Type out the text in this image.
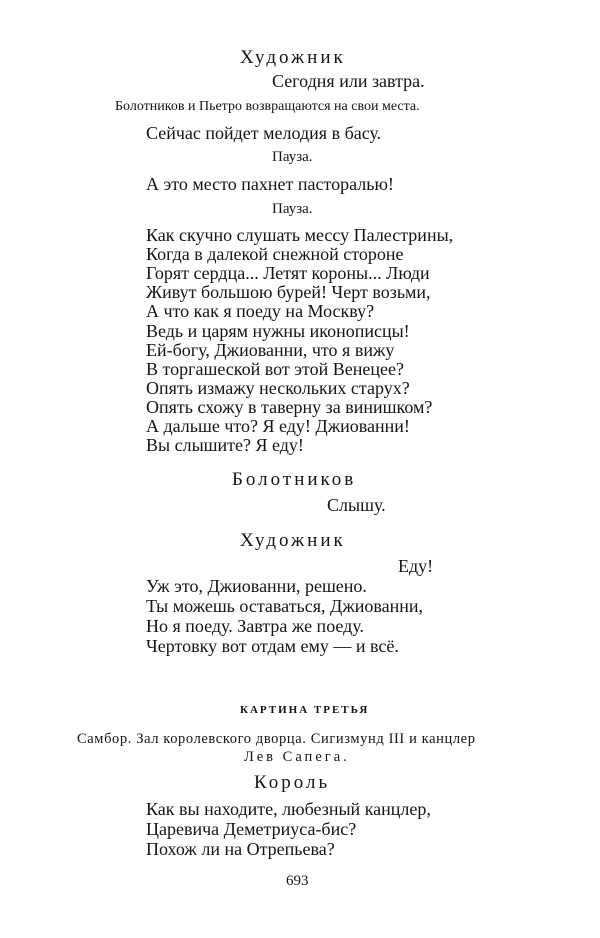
Художник
Сегодня или завтра.
Болотников и Пьетро возвращаются на свои места.
Сейчас пойдет мелодия в басу.
Пауза.
А это место пахнет пасторалью!
Пауза.
Как скучно слушать мессу Палестрины,
Когда в далекой снежной стороне
Горят сердца... Летят короны... Люди
Живут большою бурей! Черт возьми,
А что как я поеду на Москву?
Ведь и царям нужны иконописцы!
Ей-богу, Джиованни, что я вижу
В торгашеской вот этой Венецее?
Опять измажу нескольких старух?
Опять схожу в таверну за винишком?
А дальше что? Я еду! Джиованни!
Вы слышите? Я еду!
Болотников
Слышу.
Художник
Еду!
Уж это, Джиованни, решено.
Ты можешь оставаться, Джиованни,
Но я поеду. Завтра же поеду.
Чертовку вот отдам ему — и всё.
КАРТИНА ТРЕТЬЯ
Самбор. Зал королевского дворца. Сигизмунд III и канцлер
Лев Сапега.
Король
Как вы находите, любезный канцлер,
Царевича Деметриуса-бис?
Похож ли на Отрепьева?
693
